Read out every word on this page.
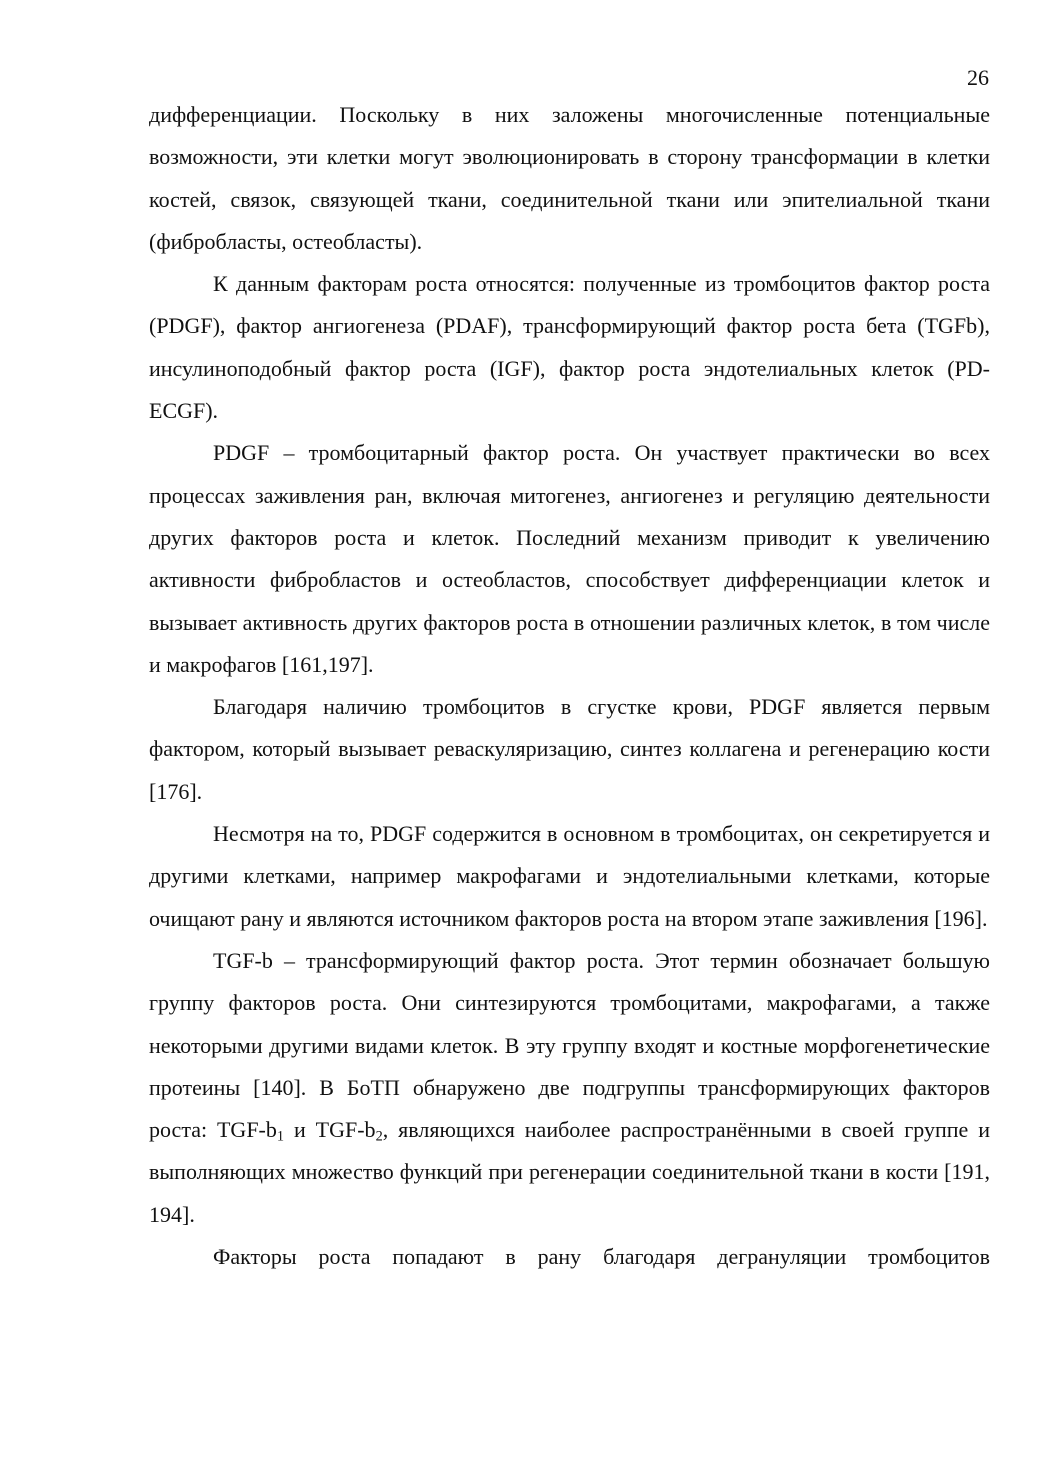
26

дифференциации. Поскольку в них заложены многочисленные потенциальные возможности, эти клетки могут эволюционировать в сторону трансформации в клетки костей, связок, связующей ткани, соединительной ткани или эпителиальной ткани (фибробласты, остеобласты).

К данным факторам роста относятся: полученные из тромбоцитов фактор роста (PDGF), фактор ангиогенеза (PDAF), трансформирующий фактор роста бета (TGFb), инсулиноподобный фактор роста (IGF), фактор роста эндотелиальных клеток (PD-ECGF).

PDGF – тромбоцитарный фактор роста. Он участвует практически во всех процессах заживления ран, включая митогенез, ангиогенез и регуляцию деятельности других факторов роста и клеток. Последний механизм приводит к увеличению активности фибробластов и остеобластов, способствует дифференциации клеток и вызывает активность других факторов роста в отношении различных клеток, в том числе и макрофагов [161,197].

Благодаря наличию тромбоцитов в сгустке крови, PDGF является первым фактором, который вызывает реваскуляризацию, синтез коллагена и регенерацию кости [176].

Несмотря на то, PDGF содержится в основном в тромбоцитах, он секретируется и другими клетками, например макрофагами и эндотелиальными клетками, которые очищают рану и являются источником факторов роста на втором этапе заживления [196].

TGF-b – трансформирующий фактор роста. Этот термин обозначает большую группу факторов роста. Они синтезируются тромбоцитами, макрофагами, а также некоторыми другими видами клеток. В эту группу входят и костные морфогенетические протеины [140]. В БоТП обнаружено две подгруппы трансформирующих факторов роста: TGF-$b_1$ и TGF-$b_2$, являющихся наиболее распространёнными в своей группе и выполняющих множество функций при регенерации соединительной ткани в кости [191, 194].

Факторы роста попадают в рану благодаря дегрануляции тромбоцитов
